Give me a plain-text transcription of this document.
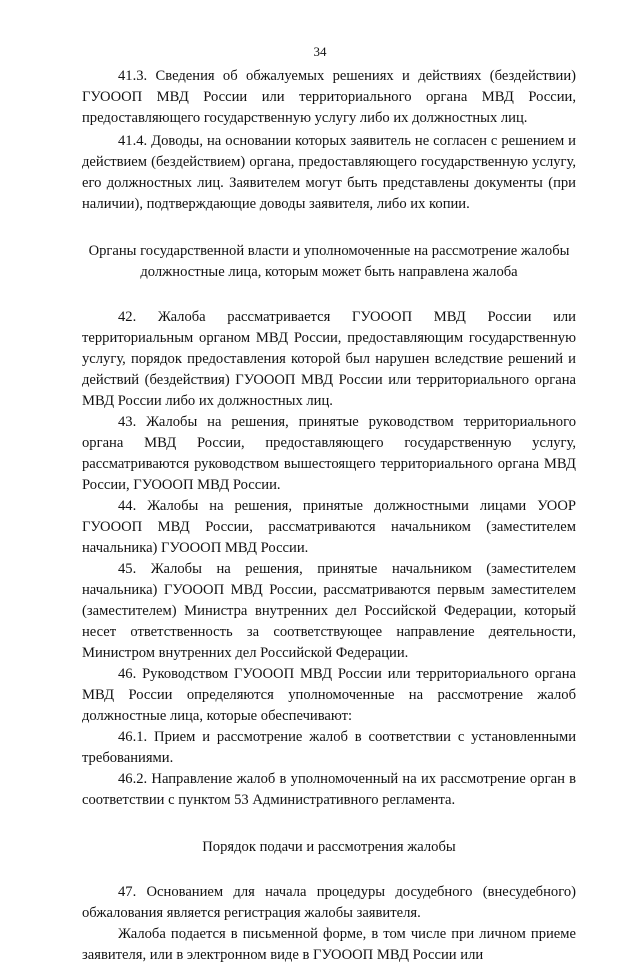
34

41.3. Сведения об обжалуемых решениях и действиях (бездействии) ГУОООП МВД России или территориального органа МВД России, предоставляющего государственную услугу либо их должностных лиц.

41.4. Доводы, на основании которых заявитель не согласен с решением и действием (бездействием) органа, предоставляющего государственную услугу, его должностных лиц. Заявителем могут быть представлены документы (при наличии), подтверждающие доводы заявителя, либо их копии.

Органы государственной власти и уполномоченные на рассмотрение жалобы должностные лица, которым может быть направлена жалоба

42. Жалоба рассматривается ГУОООП МВД России или территориальным органом МВД России, предоставляющим государственную услугу, порядок предоставления которой был нарушен вследствие решений и действий (бездействия) ГУОООП МВД России или территориального органа МВД России либо их должностных лиц.

43. Жалобы на решения, принятые руководством территориального органа МВД России, предоставляющего государственную услугу, рассматриваются руководством вышестоящего территориального органа МВД России, ГУОООП МВД России.

44. Жалобы на решения, принятые должностными лицами УООР ГУОООП МВД России, рассматриваются начальником (заместителем начальника) ГУОООП МВД России.

45. Жалобы на решения, принятые начальником (заместителем начальника) ГУОООП МВД России, рассматриваются первым заместителем (заместителем) Министра внутренних дел Российской Федерации, который несет ответственность за соответствующее направление деятельности, Министром внутренних дел Российской Федерации.

46. Руководством ГУОООП МВД России или территориального органа МВД России определяются уполномоченные на рассмотрение жалоб должностные лица, которые обеспечивают:

46.1. Прием и рассмотрение жалоб в соответствии с установленными требованиями.

46.2. Направление жалоб в уполномоченный на их рассмотрение орган в соответствии с пунктом 53 Административного регламента.

Порядок подачи и рассмотрения жалобы

47. Основанием для начала процедуры досудебного (внесудебного) обжалования является регистрация жалобы заявителя.

Жалоба подается в письменной форме, в том числе при личном приеме заявителя, или в электронном виде в ГУОООП МВД России или
